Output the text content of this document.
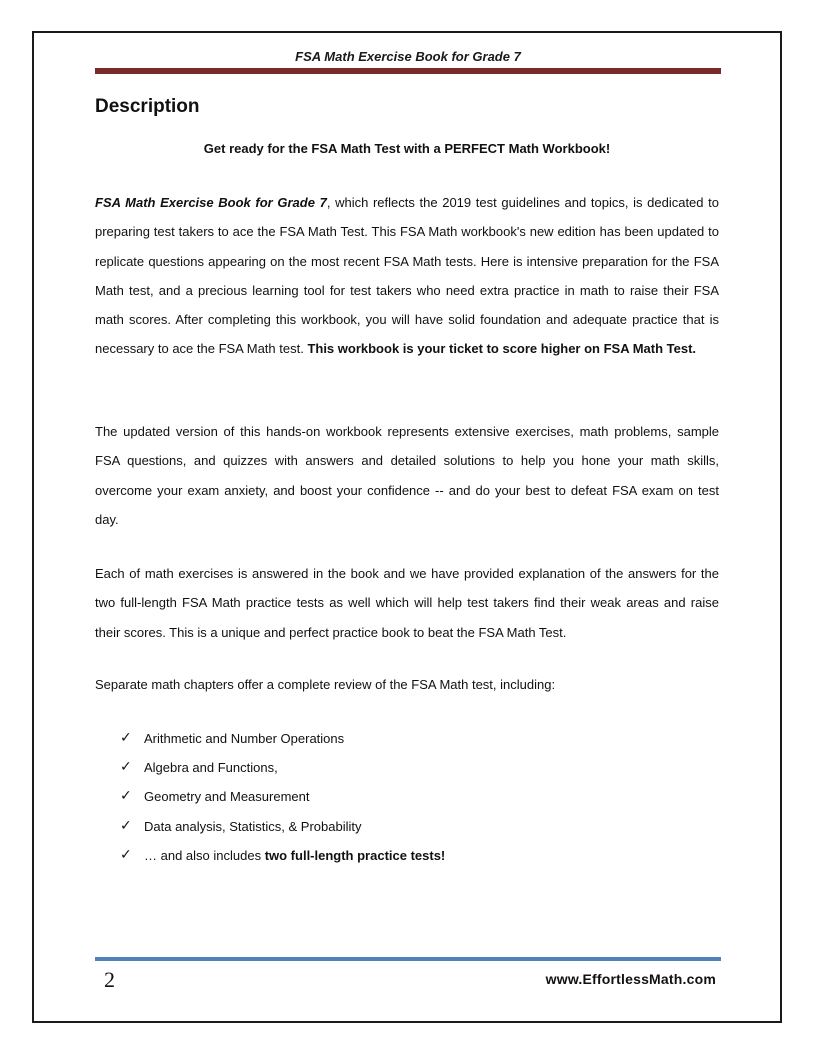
FSA Math Exercise Book for Grade 7
Description
Get ready for the FSA Math Test with a PERFECT Math Workbook!

FSA Math Exercise Book for Grade 7, which reflects the 2019 test guidelines and topics, is dedicated to preparing test takers to ace the FSA Math Test. This FSA Math workbook's new edition has been updated to replicate questions appearing on the most recent FSA Math tests. Here is intensive preparation for the FSA Math test, and a precious learning tool for test takers who need extra practice in math to raise their FSA math scores. After completing this workbook, you will have solid foundation and adequate practice that is necessary to ace the FSA Math test. This workbook is your ticket to score higher on FSA Math Test.

The updated version of this hands-on workbook represents extensive exercises, math problems, sample FSA questions, and quizzes with answers and detailed solutions to help you hone your math skills, overcome your exam anxiety, and boost your confidence -- and do your best to defeat FSA exam on test day.

Each of math exercises is answered in the book and we have provided explanation of the answers for the two full-length FSA Math practice tests as well which will help test takers find their weak areas and raise their scores. This is a unique and perfect practice book to beat the FSA Math Test.

Separate math chapters offer a complete review of the FSA Math test, including:

✓ Arithmetic and Number Operations
✓ Algebra and Functions,
✓ Geometry and Measurement
✓ Data analysis, Statistics, & Probability
✓ … and also includes two full-length practice tests!
2	www.EffortlessMath.com
